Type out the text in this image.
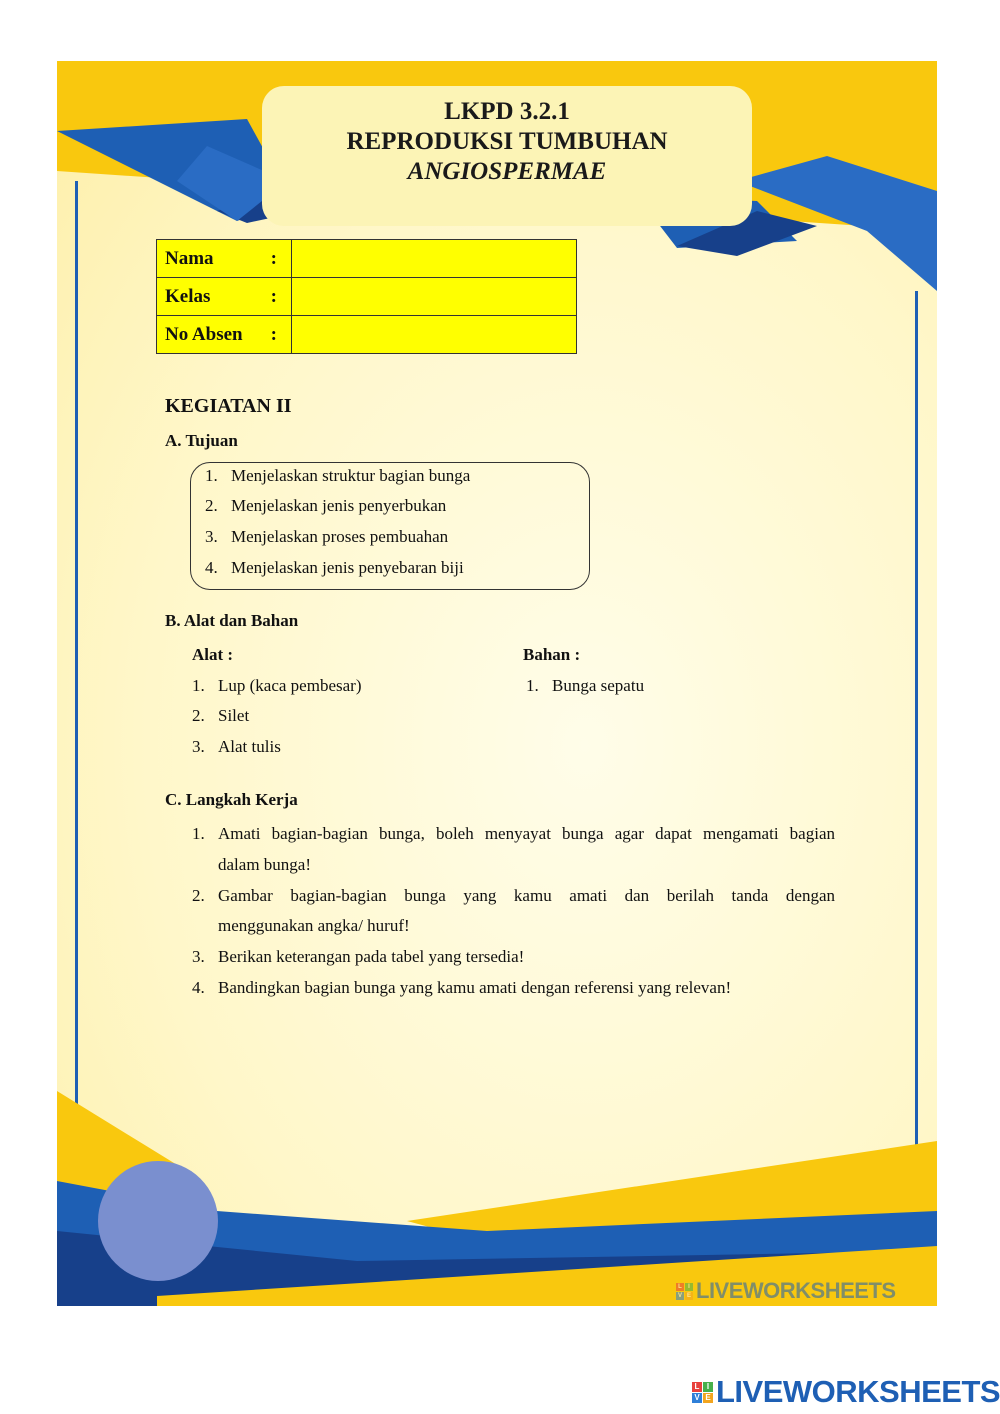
LKPD 3.2.1
REPRODUKSI TUMBUHAN
ANGIOSPERMAE
Nama :	

Kelas :	

No Absen :	

KEGIATAN II
A. Tujuan
1. Menjelaskan struktur bagian bunga
2. Menjelaskan jenis penyerbukan
3. Menjelaskan proses pembuahan
4. Menjelaskan jenis penyebaran biji
B. Alat dan Bahan
Alat :
1. Lup (kaca pembesar)
2. Silet
3. Alat tulis
Bahan :
1. Bunga sepatu
C. Langkah Kerja
1. Amati bagian-bagian bunga, boleh menyayat bunga agar dapat mengamati bagian
dalam bunga!
2. Gambar bagian-bagian bunga yang kamu amati dan berilah tanda dengan
menggunakan angka/ huruf!
3. Berikan keterangan pada tabel yang tersedia!
4. Bandingkan bagian bunga yang kamu amati dengan referensi yang relevan!
L	I
V E LIVEWORKSHEETS
L I
V E LIVEWORKSHEETS
